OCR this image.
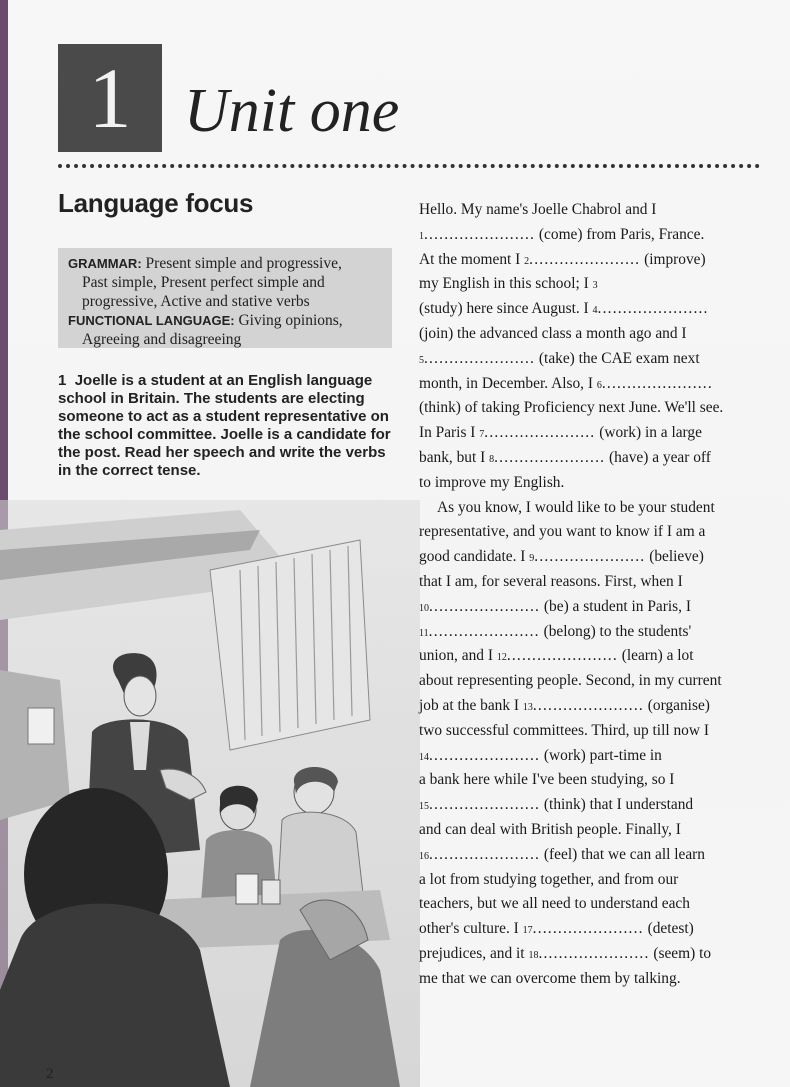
1 Unit one
Language focus

GRAMMAR: Present simple and progressive,

Past simple, Present perfect simple and

progressive, Active and stative verbs

FUNCTIONAL LANGUAGE: Giving opinions,

Agreeing and disagreeing

1 Joelle is a student at an English language school in Britain. The students are electing someone to act as a student representative on the school committee. Joelle is a candidate for the post. Read her speech and write the verbs in the correct tense.
Hello. My name's Joelle Chabrol and I
1 ......................
(come) from Paris, France.
At the moment I
2 ......................
(improve)
my English in this school; I
3
(study) here since August. I
4 ......................
(join) the advanced class a month ago and I
5 ......................
(take) the CAE exam next
month, in December. Also, I
6 ......................
(think) of taking Proficiency next June. We'll see.
In Paris I
7 ......................
(work) in a large
bank, but I
8 ......................
(have) a year off
to improve my English.
As you know, I would like to be your student
representative, and you want to know if I am a
good candidate. I
9 ......................
(believe)
that I am, for several reasons. First, when I
10 ......................
(be) a student in Paris, I
11 ......................
(belong) to the students'
union, and I
12 ......................
(learn) a lot
about representing people. Second, in my current
job at the bank I
13 ......................
(organise)
two successful committees. Third, up till now I
14 ......................
(work) part-time in
a bank here while I've been studying, so I
15 ......................
(think) that I understand
and can deal with British people. Finally, I
16 ......................
(feel) that we can all learn
a lot from studying together, and from our
teachers, but we all need to understand each
other's culture. I
17 ......................
(detest)
prejudices, and it
18 ......................
(seem) to
me that we can overcome them by talking.
2
